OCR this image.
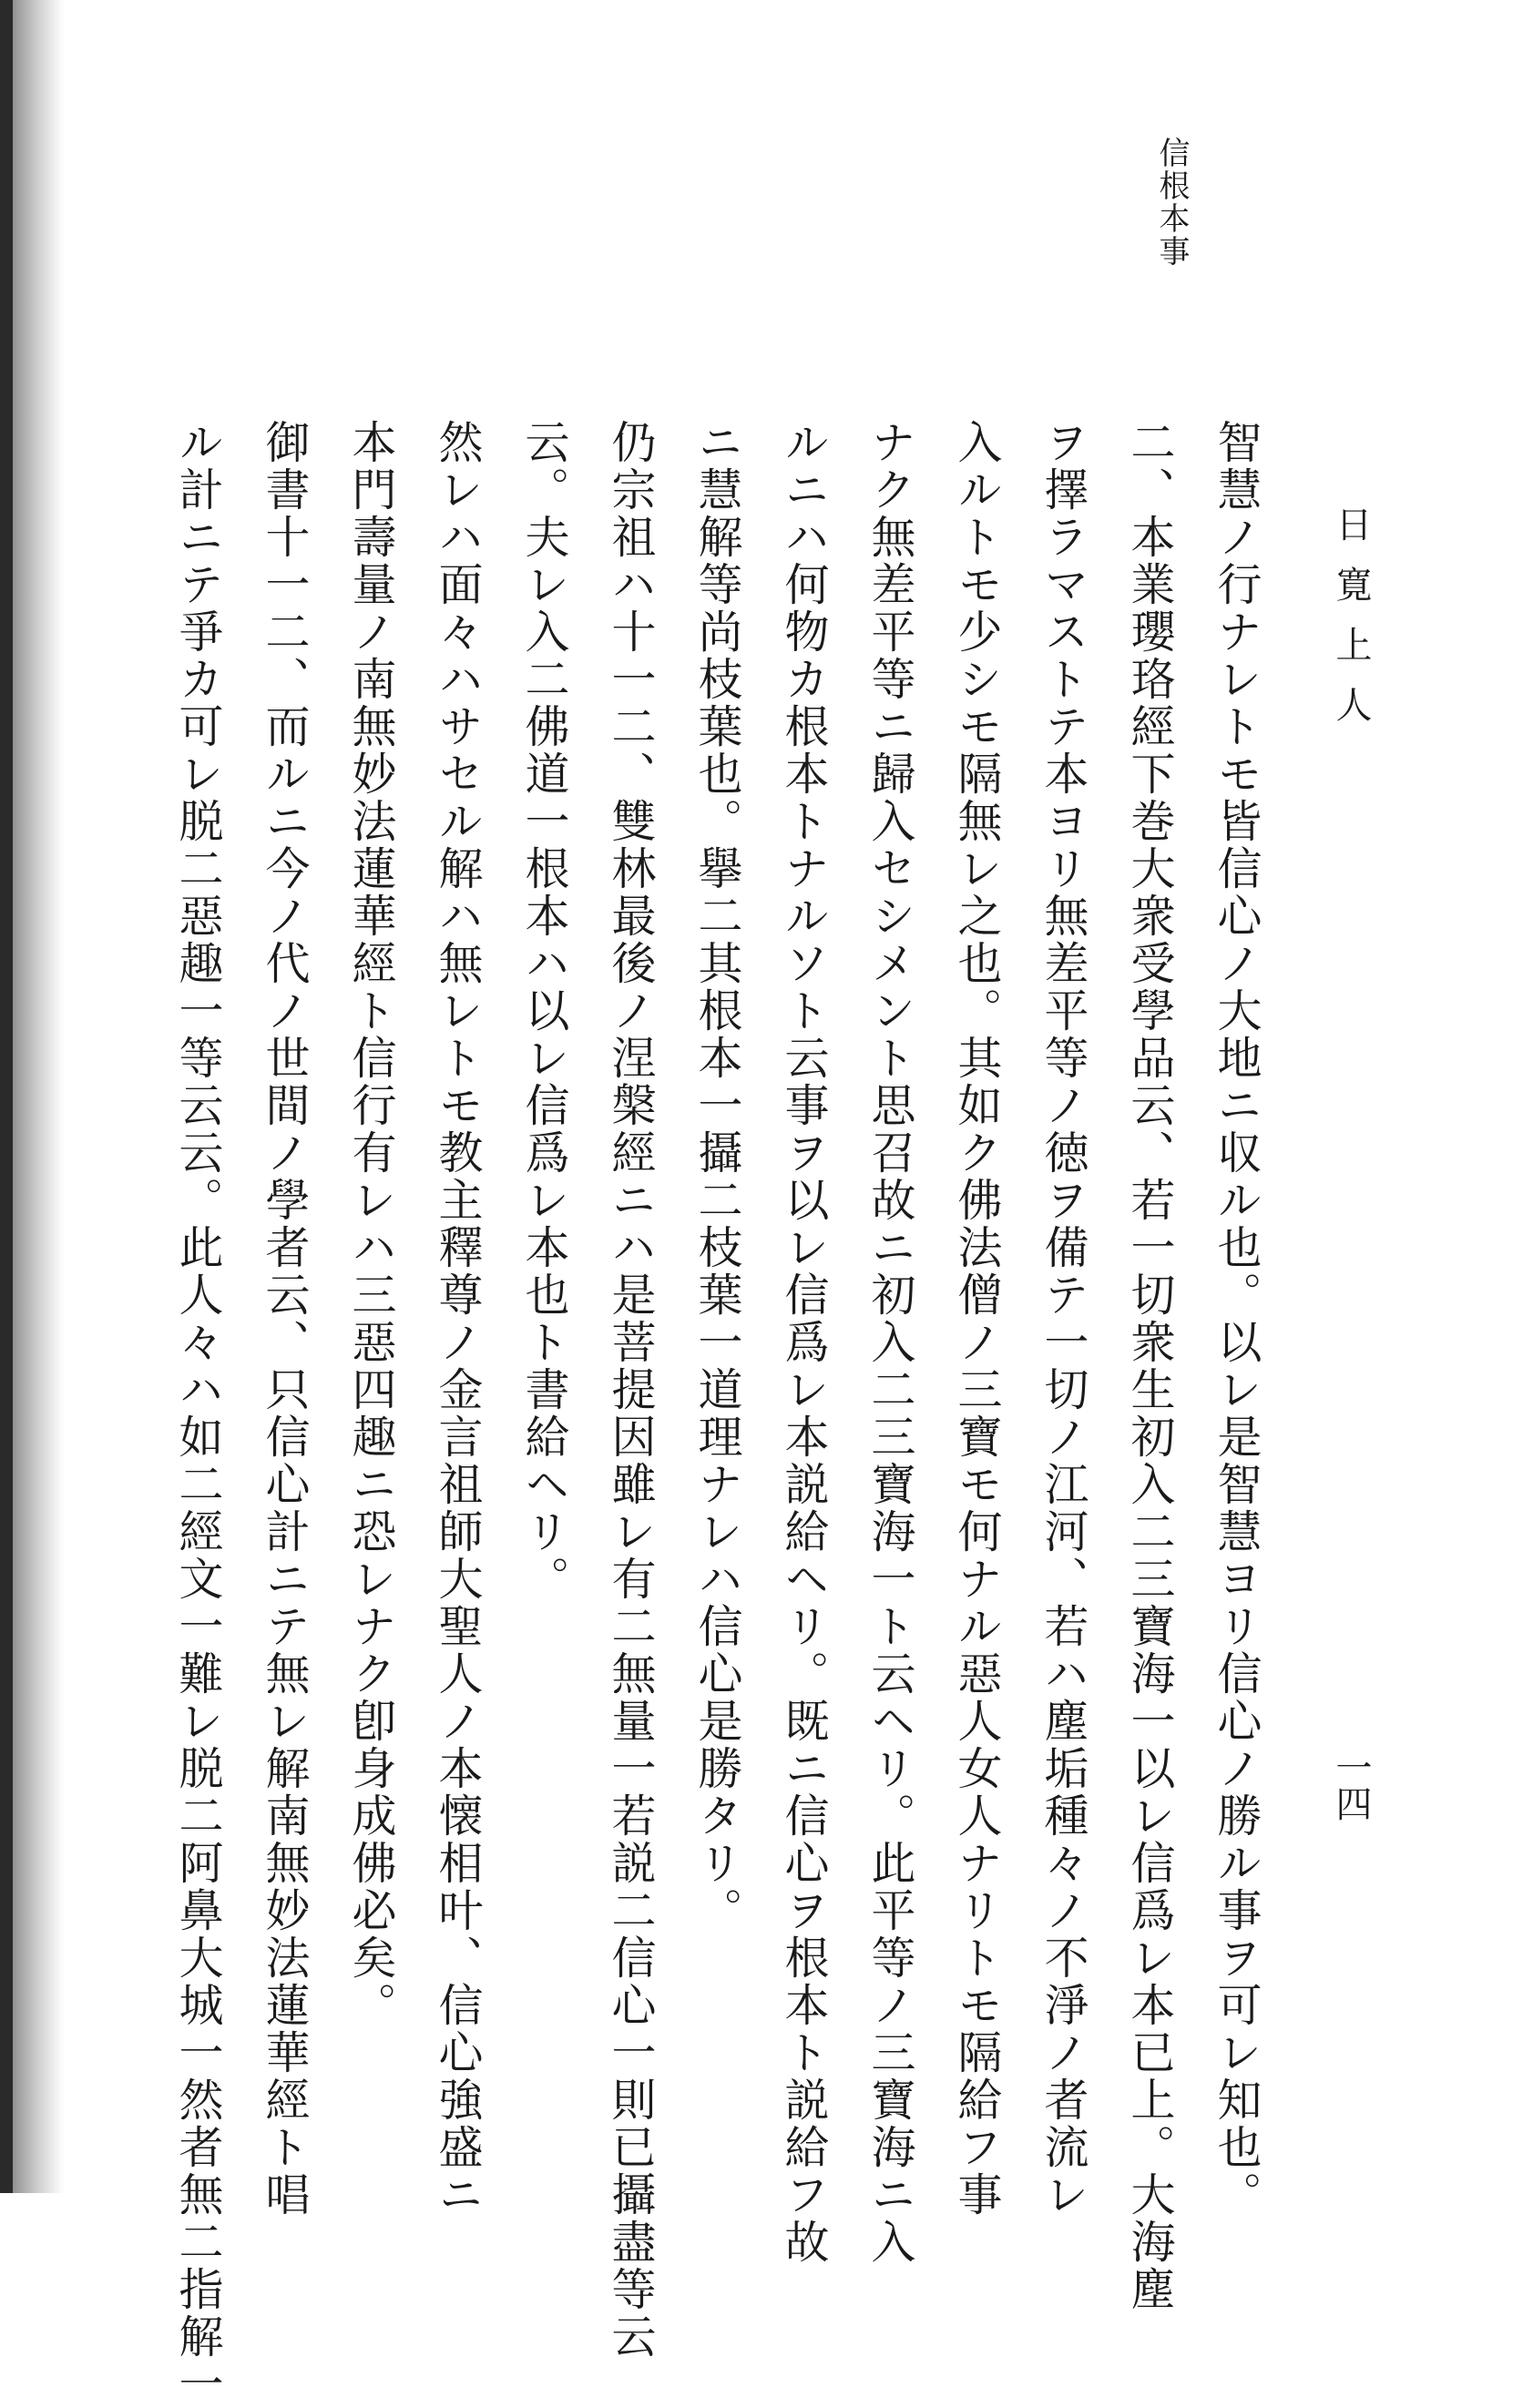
信根本事
日寛上人
一四
智慧ノ行ナレトモ皆信心ノ大地ニ収ル也。以レ是智慧ヨリ信心ノ勝ル事ヲ可レ知也。
二、本業瓔珞經下巻大衆受學品云、若一切衆生初入二三寶海一以レ信爲レ本已上。大海塵
ヲ擇ラマストテ本ヨリ無差平等ノ徳ヲ備テ一切ノ江河、若ハ塵垢種々ノ不淨ノ者流レ
入ルトモ少シモ隔無レ之也。其如ク佛法僧ノ三寶モ何ナル惡人女人ナリトモ隔給フ事
ナク無差平等ニ歸入セシメント思召故ニ初入二三寶海一ト云ヘリ。此平等ノ三寶海ニ入
ルニハ何物カ根本トナルソト云事ヲ以レ信爲レ本説給ヘリ。既ニ信心ヲ根本ト説給フ故
ニ慧解等尚枝葉也。擧二其根本一攝二枝葉一道理ナレハ信心是勝タリ。
仍宗祖ハ十一二、雙林最後ノ涅槃經ニハ是菩提因雖レ有二無量一若説二信心一則已攝盡等云
云。夫レ入二佛道一根本ハ以レ信爲レ本也ト書給ヘリ。
然レハ面々ハサセル解ハ無レトモ教主釋尊ノ金言祖師大聖人ノ本懐相叶、信心強盛ニ
本門壽量ノ南無妙法蓮華經ト信行有レハ三惡四趣ニ恐レナク卽身成佛必矣。
御書十一二、而ルニ今ノ代ノ世間ノ學者云、只信心計ニテ無レ解南無妙法蓮華經ト唱
ル計ニテ爭カ可レ脱二惡趣一等云云。此人々ハ如二經文一難レ脱二阿鼻大城一然者無二指解一
